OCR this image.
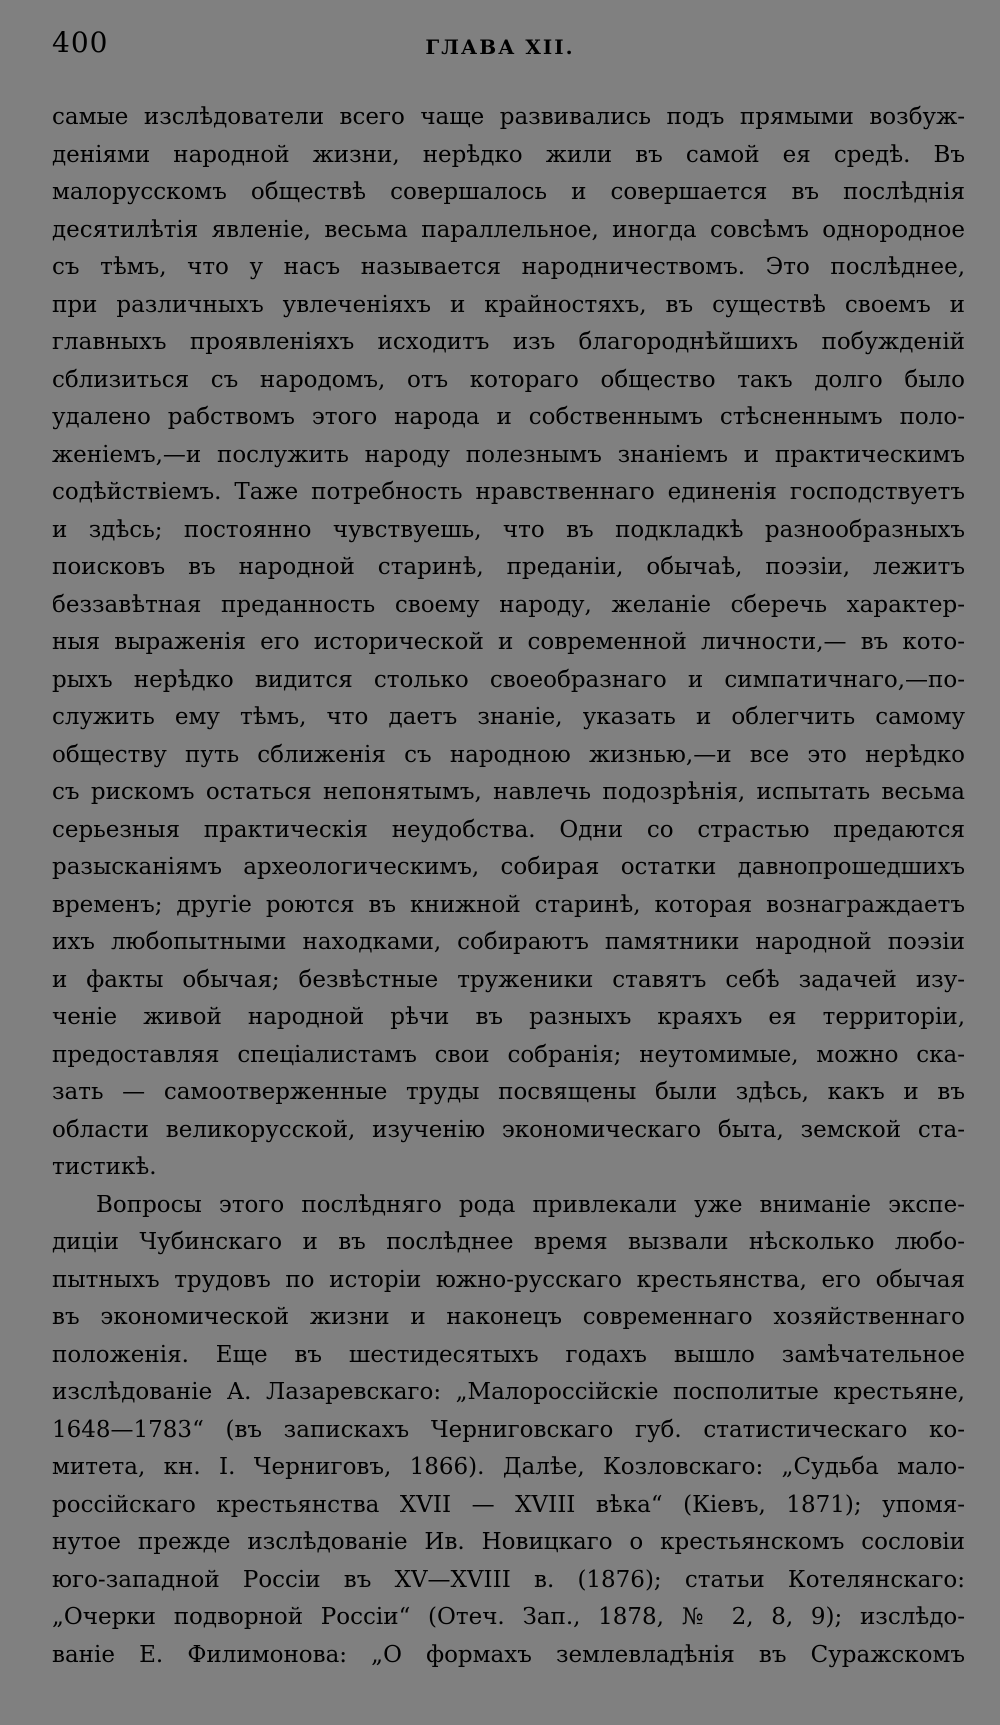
400	ГЛАВА XII.
самые изслѣдователи всего чаще развивались подъ прямыми возбуж-
деніями народной жизни, нерѣдко жили въ самой ея средѣ. Въ
малорусскомъ обществѣ совершалось и совершается въ послѣднія
десятилѣтія явленіе, весьма параллельное, иногда совсѣмъ однородное
съ тѣмъ, что у насъ называется народничествомъ. Это послѣднее,
при различныхъ увлеченіяхъ и крайностяхъ, въ существѣ своемъ и
главныхъ проявленіяхъ исходитъ изъ благороднѣйшихъ побужденій
сблизиться съ народомъ, отъ котораго общество такъ долго было
удалено рабствомъ этого народа и собственнымъ стѣсненнымъ поло-
женіемъ,—и послужить народу полезнымъ знаніемъ и практическимъ
содѣйствіемъ. Таже потребность нравственнаго единенія господствуетъ
и здѣсь; постоянно чувствуешь, что въ подкладкѣ разнообразныхъ
поисковъ въ народной старинѣ, преданіи, обычаѣ, поэзіи, лежитъ
беззавѣтная преданность своему народу, желаніе сберечь характер-
ныя выраженія его исторической и современной личности,— въ кото-
рыхъ нерѣдко видится столько своеобразнаго и симпатичнаго,—по-
служить ему тѣмъ, что даетъ знаніе, указать и облегчить самому
обществу путь сближенія съ народною жизнью,—и все это нерѣдко
съ рискомъ остаться непонятымъ, навлечь подозрѣнія, испытать весьма
серьезныя практическія неудобства. Одни со страстью предаются
разысканіямъ археологическимъ, собирая остатки давнопрошедшихъ
временъ; другіе роются въ книжной старинѣ, которая вознаграждаетъ
ихъ любопытными находками, собираютъ памятники народной поэзіи
и факты обычая; безвѣстные труженики ставятъ себѣ задачей изу-
ченіе живой народной рѣчи въ разныхъ краяхъ ея территоріи,
предоставляя спеціалистамъ свои собранія; неутомимые, можно ска-
зать — самоотверженные труды посвящены были здѣсь, какъ и въ
области великорусской, изученію экономическаго быта, земской ста-
тистикѣ.
Вопросы этого послѣдняго рода привлекали уже вниманіе экспе-
диціи Чубинскаго и въ послѣднее время вызвали нѣсколько любо-
пытныхъ трудовъ по исторіи южно-русскаго крестьянства, его обычая
въ экономической жизни и наконецъ современнаго хозяйственнаго
положенія. Еще въ шестидесятыхъ годахъ вышло замѣчательное
изслѣдованіе А. Лазаревскаго: „Малороссійскіе посполитые крестьяне,
1648—1783“ (въ запискахъ Черниговскаго губ. статистическаго ко-
митета, кн. I. Черниговъ, 1866). Далѣе, Козловскаго: „Судьба мало-
россійскаго крестьянства XVII — XVIII вѣка“ (Кіевъ, 1871); упомя-
нутое прежде изслѣдованіе Ив. Новицкаго о крестьянскомъ сословіи
юго-западной Россіи въ XV—XVIII в. (1876); статьи Котелянскаго:
„Очерки подворной Россіи“ (Отеч. Зап., 1878, № 2, 8, 9); изслѣдо-
ваніе Е. Филимонова: „О формахъ землевладѣнія въ Суражскомъ
